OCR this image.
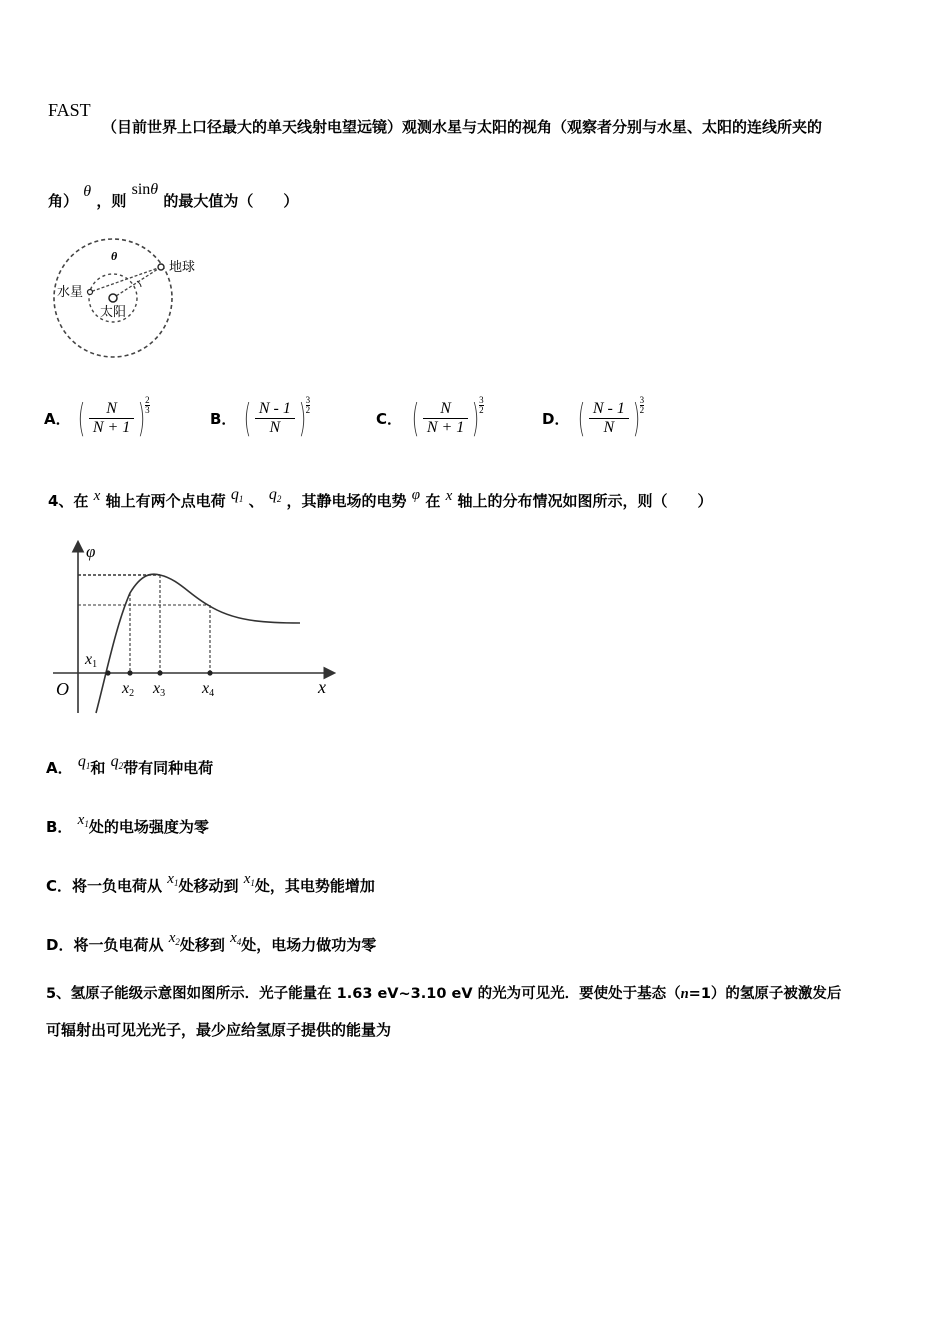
FAST
（目前世界上口径最大的单天线射电望远镜）观测水星与太阳的视角（观察者分别与水星、太阳的连线所夹的
角） θ ，则 sinθ 的最大值为（　　）
θ
地球
水星
太阳
A． ( $\frac{N}{N + 1} )\frac{2}{3}$
B． ( $\frac{N - 1}{N} )\frac{3}{2}$
C． ( $\frac{N}{N + 1} )\frac{3}{2}$
D． ( $\frac{N - 1}{N} )\frac{3}{2}$
4、在 x 轴上有两个点电荷 $q_1$ 、 $q_2$ ，其静电场的电势 φ 在 x 轴上的分布情况如图所示，则（　　）
φ
O	x
x1
x2 x3 x4
A． $q_1$和 $q_2$带有同种电荷
B． $x_1$处的电场强度为零
C．将一负电荷从 $x_1$处移动到 $x_1$处，其电势能增加
D．将一负电荷从 $x_2$处移到 $x_4$处，电场力做功为零
5、氢原子能级示意图如图所示．光子能量在 1.63 eV~3.10 eV 的光为可见光．要使处于基态（n=1）的氢原子被激发后
可辐射出可见光光子，最少应给氢原子提供的能量为
